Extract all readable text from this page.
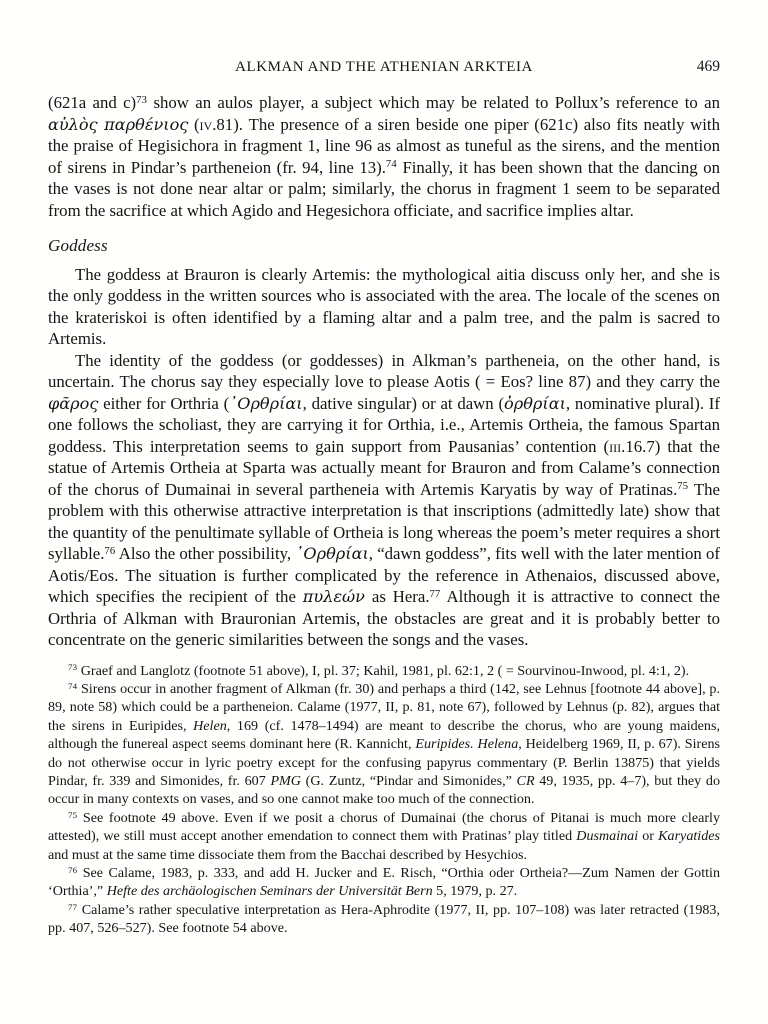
ALKMAN AND THE ATHENIAN ARKTEIA	469

(621a and c)$^{73}$ show an aulos player, a subject which may be related to Pollux’s reference to an αὐλὸς παρθένιος (iv.81). The presence of a siren beside one piper (621c) also fits neatly with the praise of Hegisichora in fragment 1, line 96 as almost as tuneful as the sirens, and the mention of sirens in Pindar’s partheneion (fr. 94, line 13).$^{74}$ Finally, it has been shown that the dancing on the vases is not done near altar or palm; similarly, the chorus in fragment 1 seem to be separated from the sacrifice at which Agido and Hegesichora officiate, and sacrifice implies altar.

Goddess

The goddess at Brauron is clearly Artemis: the mythological aitia discuss only her, and she is the only goddess in the written sources who is associated with the area. The locale of the scenes on the krateriskoi is often identified by a flaming altar and a palm tree, and the palm is sacred to Artemis.

The identity of the goddess (or goddesses) in Alkman’s partheneia, on the other hand, is uncertain. The chorus say they especially love to please Aotis ( = Eos? line 87) and they carry the φᾶρος either for Orthria (᾿Ορθρίαι, dative singular) or at dawn (ὀρθρίαι, nominative plural). If one follows the scholiast, they are carrying it for Orthia, i.e., Artemis Ortheia, the famous Spartan goddess. This interpretation seems to gain support from Pausanias’ contention (iii.16.7) that the statue of Artemis Ortheia at Sparta was actually meant for Brauron and from Calame’s connection of the chorus of Dumainai in several partheneia with Artemis Karyatis by way of Pratinas.$^{75}$ The problem with this otherwise attractive interpretation is that inscriptions (admittedly late) show that the quantity of the penultimate syllable of Ortheia is long whereas the poem’s meter requires a short syllable.$^{76}$ Also the other possibility, ᾿Ορθρίαι, “dawn goddess”, fits well with the later mention of Aotis/Eos. The situation is further complicated by the reference in Athenaios, discussed above, which specifies the recipient of the πυλεών as Hera.$^{77}$ Although it is attractive to connect the Orthria of Alkman with Brauronian Artemis, the obstacles are great and it is probably better to concentrate on the generic similarities between the songs and the vases.

$^{73}$ Graef and Langlotz (footnote 51 above), I, pl. 37; Kahil, 1981, pl. 62:1, 2 ( = Sourvinou-Inwood, pl. 4:1, 2).

$^{74}$ Sirens occur in another fragment of Alkman (fr. 30) and perhaps a third (142, see Lehnus [footnote 44 above], p. 89, note 58) which could be a partheneion. Calame (1977, II, p. 81, note 67), followed by Lehnus (p. 82), argues that the sirens in Euripides, Helen, 169 (cf. 1478–1494) are meant to describe the chorus, who are young maidens, although the funereal aspect seems dominant here (R. Kannicht, Euripides. Helena, Heidelberg 1969, II, p. 67). Sirens do not otherwise occur in lyric poetry except for the confusing papyrus commentary (P. Berlin 13875) that yields Pindar, fr. 339 and Simonides, fr. 607 PMG (G. Zuntz, “Pindar and Simonides,” CR 49, 1935, pp. 4–7), but they do occur in many contexts on vases, and so one cannot make too much of the connection.

$^{75}$ See footnote 49 above. Even if we posit a chorus of Dumainai (the chorus of Pitanai is much more clearly attested), we still must accept another emendation to connect them with Pratinas’ play titled Dusmainai or Karyatides and must at the same time dissociate them from the Bacchai described by Hesychios.

$^{76}$ See Calame, 1983, p. 333, and add H. Jucker and E. Risch, “Orthia oder Ortheia?—Zum Namen der Gottin ‘Orthia’,” Hefte des archäologischen Seminars der Universität Bern 5, 1979, p. 27.

$^{77}$ Calame’s rather speculative interpretation as Hera-Aphrodite (1977, II, pp. 107–108) was later retracted (1983, pp. 407, 526–527). See footnote 54 above.
